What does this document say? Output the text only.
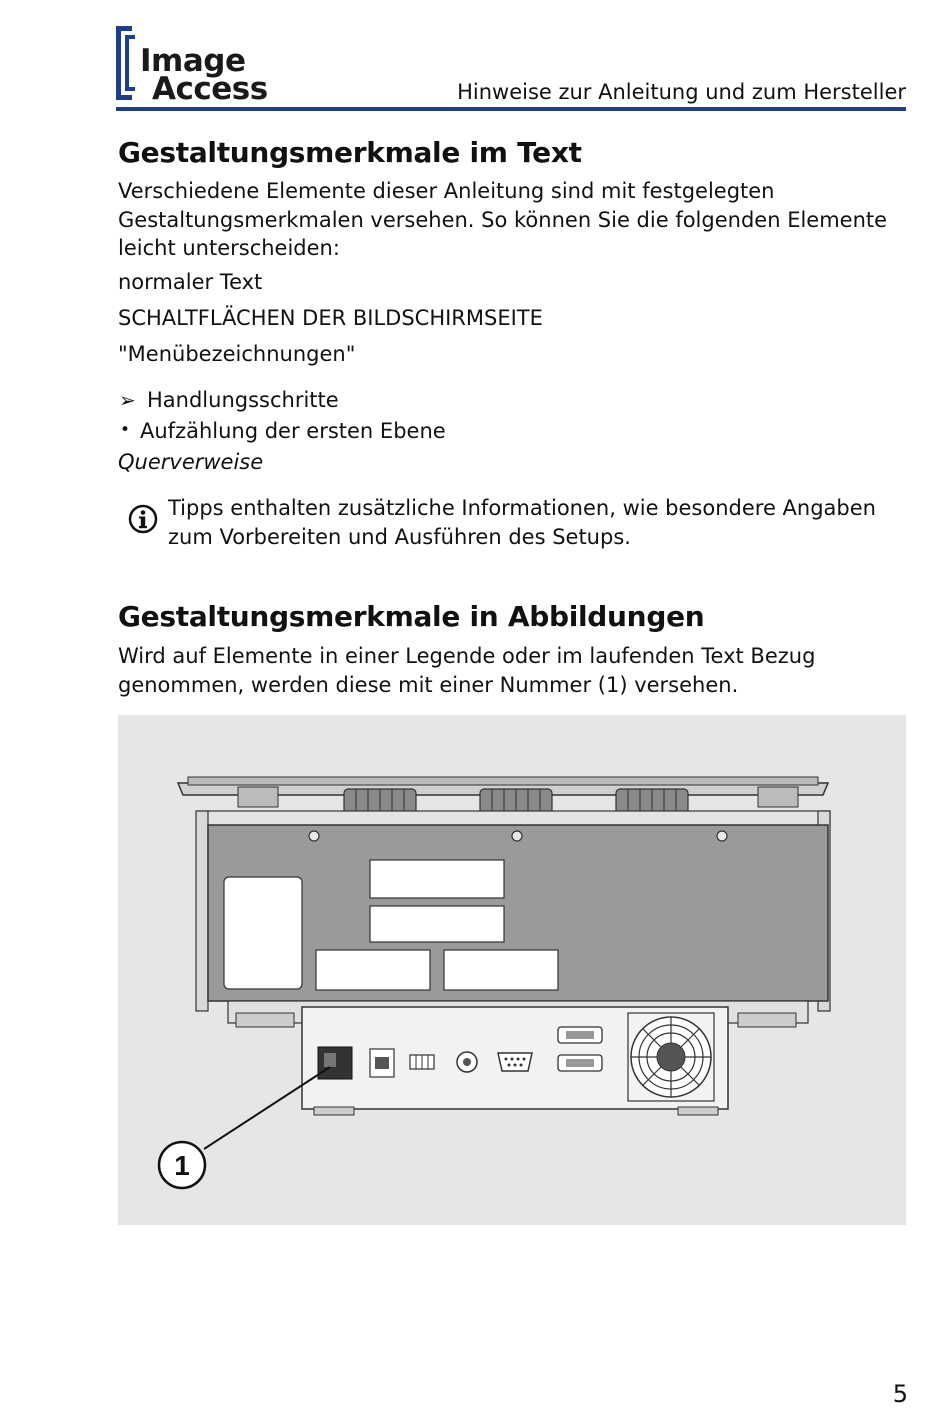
Image
Access	Hinweise zur Anleitung und zum Hersteller
Gestaltungsmerkmale im Text

Verschiedene Elemente dieser Anleitung sind mit festgelegten Gestaltungsmerkmalen versehen. So können Sie die folgenden Elemente leicht unterscheiden:

normaler Text
SCHALTFLÄCHEN DER BILDSCHIRMSEITE
"Menübezeichnungen"
➢ Handlungsschritte
• Aufzählung der ersten Ebene
Querverweise
Tipps enthalten zusätzliche Informationen, wie besondere Angaben zum Vorbereiten und Ausführen des Setups.
Gestaltungsmerkmale in Abbildungen

Wird auf Elemente in einer Legende oder im laufenden Text Bezug genommen, werden diese mit einer Nummer (1) versehen.

1
5
